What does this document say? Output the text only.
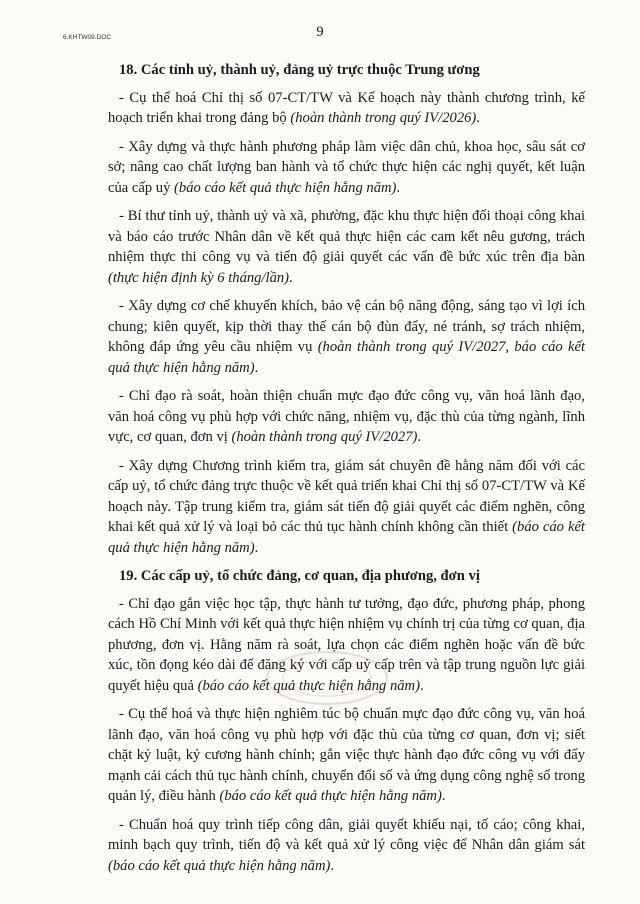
9
6.KHTW09.DOC
18. Các tỉnh uỷ, thành uỷ, đảng uỷ trực thuộc Trung ương

- Cụ thể hoá Chỉ thị số 07-CT/TW và Kế hoạch này thành chương trình, kế hoạch triển khai trong đảng bộ (hoàn thành trong quý IV/2026).

- Xây dựng và thực hành phương pháp làm việc dân chủ, khoa học, sâu sát cơ sở; nâng cao chất lượng ban hành và tổ chức thực hiện các nghị quyết, kết luận của cấp uỷ (báo cáo kết quả thực hiện hằng năm).

- Bí thư tỉnh uỷ, thành uỷ và xã, phường, đặc khu thực hiện đối thoại công khai và báo cáo trước Nhân dân về kết quả thực hiện các cam kết nêu gương, trách nhiệm thực thi công vụ và tiến độ giải quyết các vấn đề bức xúc trên địa bàn (thực hiện định kỳ 6 tháng/lần).

- Xây dựng cơ chế khuyến khích, bảo vệ cán bộ năng động, sáng tạo vì lợi ích chung; kiên quyết, kịp thời thay thế cán bộ đùn đẩy, né tránh, sợ trách nhiệm, không đáp ứng yêu cầu nhiệm vụ (hoàn thành trong quý IV/2027, báo cáo kết quả thực hiện hằng năm).

- Chỉ đạo rà soát, hoàn thiện chuẩn mực đạo đức công vụ, văn hoá lãnh đạo, văn hoá công vụ phù hợp với chức năng, nhiệm vụ, đặc thù của từng ngành, lĩnh vực, cơ quan, đơn vị (hoàn thành trong quý IV/2027).

- Xây dựng Chương trình kiểm tra, giám sát chuyên đề hằng năm đối với các cấp uỷ, tổ chức đảng trực thuộc về kết quả triển khai Chỉ thị số 07-CT/TW và Kế hoạch này. Tập trung kiểm tra, giám sát tiến độ giải quyết các điểm nghẽn, công khai kết quả xử lý và loại bỏ các thủ tục hành chính không cần thiết (báo cáo kết quả thực hiện hằng năm).

19. Các cấp uỷ, tổ chức đảng, cơ quan, địa phương, đơn vị

- Chỉ đạo gắn việc học tập, thực hành tư tưởng, đạo đức, phương pháp, phong cách Hồ Chí Minh với kết quả thực hiện nhiệm vụ chính trị của từng cơ quan, địa phương, đơn vị. Hằng năm rà soát, lựa chọn các điểm nghẽn hoặc vấn đề bức xúc, tồn đọng kéo dài để đăng ký với cấp uỷ cấp trên và tập trung nguồn lực giải quyết hiệu quả (báo cáo kết quả thực hiện hằng năm).

- Cụ thể hoá và thực hiện nghiêm túc bộ chuẩn mực đạo đức công vụ, văn hoá lãnh đạo, văn hoá công vụ phù hợp với đặc thù của từng cơ quan, đơn vị; siết chặt kỷ luật, kỷ cương hành chính; gắn việc thực hành đạo đức công vụ với đẩy mạnh cải cách thủ tục hành chính, chuyển đổi số và ứng dụng công nghệ số trong quản lý, điều hành (báo cáo kết quả thực hiện hằng năm).

- Chuẩn hoá quy trình tiếp công dân, giải quyết khiếu nại, tố cáo; công khai, minh bạch quy trình, tiến độ và kết quả xử lý công việc để Nhân dân giám sát (báo cáo kết quả thực hiện hằng năm).
